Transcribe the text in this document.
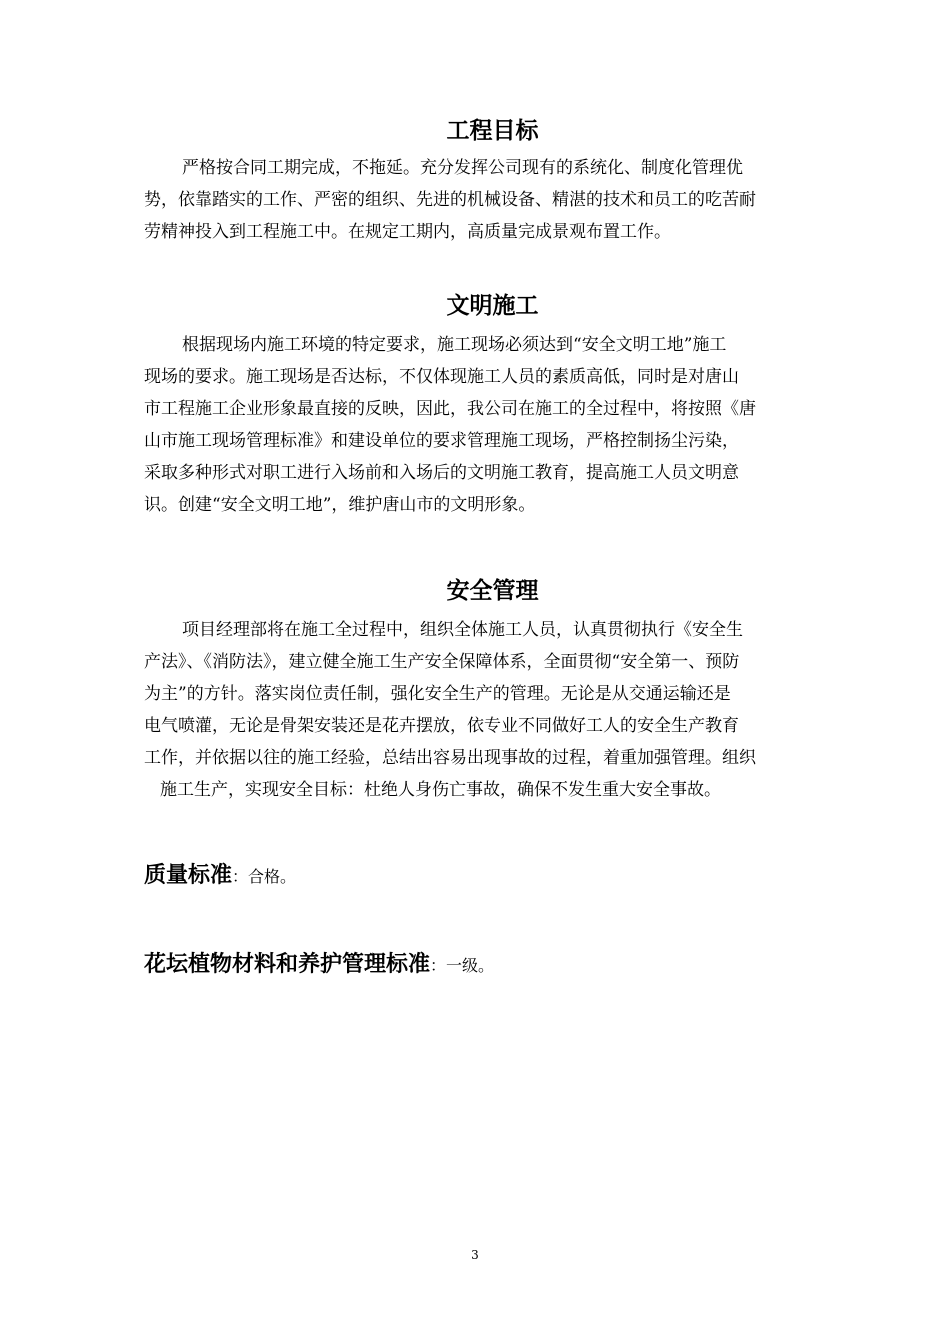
工程目标
严格按合同工期完成，不拖延。充分发挥公司现有的系统化、制度化管理优
势，依靠踏实的工作、严密的组织、先进的机械设备、精湛的技术和员工的吃苦耐
劳精神投入到工程施工中。在规定工期内，高质量完成景观布置工作。
文明施工
根据现场内施工环境的特定要求，施工现场必须达到“安全文明工地”施工
现场的要求。施工现场是否达标，不仅体现施工人员的素质高低，同时是对唐山
市工程施工企业形象最直接的反映，因此，我公司在施工的全过程中，将按照《唐
山市施工现场管理标准》和建设单位的要求管理施工现场，严格控制扬尘污染，
采取多种形式对职工进行入场前和入场后的文明施工教育，提高施工人员文明意
识。创建“安全文明工地”，维护唐山市的文明形象。
安全管理
项目经理部将在施工全过程中，组织全体施工人员，认真贯彻执行《安全生
产法》、《消防法》，建立健全施工生产安全保障体系，全面贯彻“安全第一、预防
为主”的方针。落实岗位责任制，强化安全生产的管理。无论是从交通运输还是
电气喷灌，无论是骨架安装还是花卉摆放，依专业不同做好工人的安全生产教育
工作，并依据以往的施工经验，总结出容易出现事故的过程，着重加强管理。组织
施工生产，实现安全目标：杜绝人身伤亡事故，确保不发生重大安全事故。
质量标准：合格。
花坛植物材料和养护管理标准：一级。
3
